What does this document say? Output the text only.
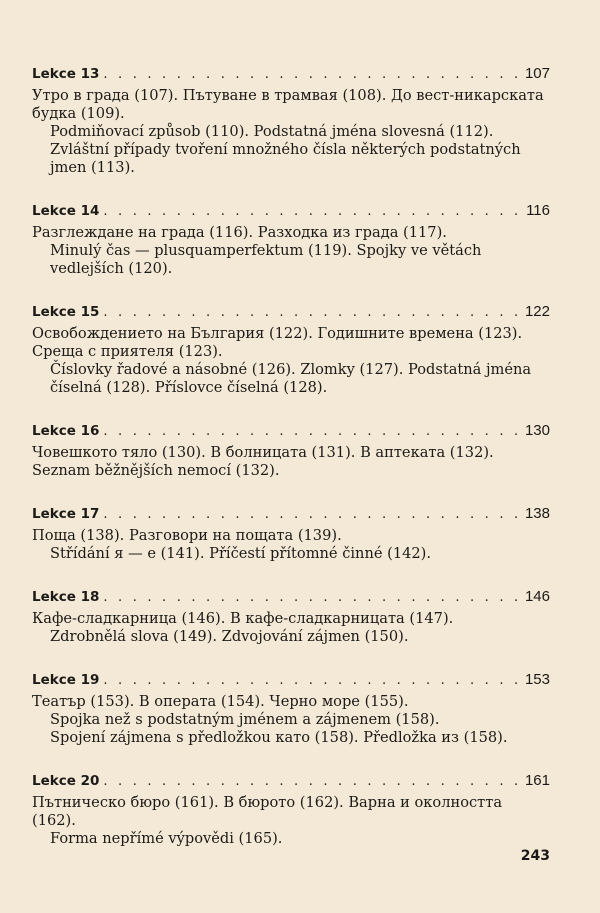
Lekce 13 . . .	107

Утро в града (107). Пътуване в трамвая (108). До вест-никарската будка (109).

Podmiňovací způsob (110). Podstatná jména slovesná (112). Zvláštní případy tvoření množného čísla některých podstatných jmen (113).

Lekce 14 . . .	116

Разглеждане на града (116). Разходка из града (117).

Minulý čas — plusquamperfektum (119). Spojky ve větách vedlejších (120).

Lekce 15 . . .	122

Освобождението на България (122). Годишните времена (123). Среща с приятеля (123).

Číslovky řadové a násobné (126). Zlomky (127). Podstatná jména číselná (128). Příslovce číselná (128).

Lekce 16 . . .	130

Човешкото тяло (130). В болницата (131). В аптеката (132). Seznam běžnějších nemocí (132).

Lekce 17 . . .	138

Поща (138). Разговори на пощата (139).

Střídání я — е (141). Příčestí přítomné činné (142).

Lekce 18 . . .	146

Кафе-сладкарница (146). В кафе-сладкарницата (147).

Zdrobnělá slova (149). Zdvojování zájmen (150).

Lekce 19 . . .	153

Театър (153). В операта (154). Черно море (155).

Spojka než s podstatným jménem a zájmenem (158).

Spojení zájmena s předložkou като (158). Předložka из (158).

Lekce 20 . . .	161

Пътническо бюро (161). В бюрото (162). Варна и околността (162).

Forma nepřímé výpovědi (165).

243
